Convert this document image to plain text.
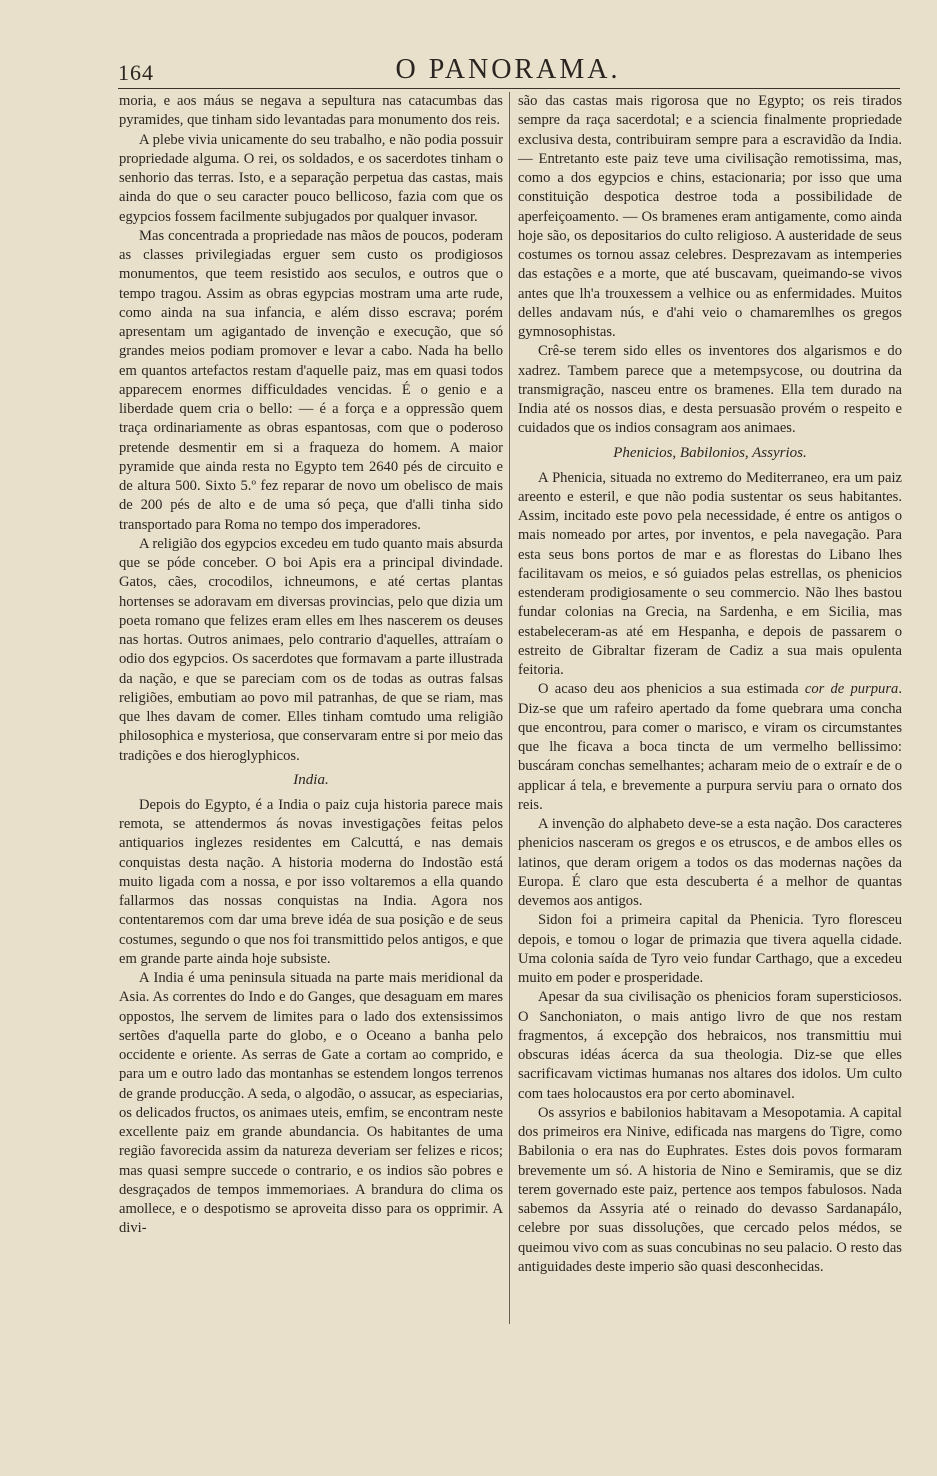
164	O PANORAMA.

moria, e aos máus se negava a sepultura nas catacumbas das pyramides, que tinham sido levantadas para monumento dos reis.

A plebe vivia unicamente do seu trabalho, e não podia possuir propriedade alguma. O rei, os soldados, e os sacerdotes tinham o senhorio das terras. Isto, e a separação perpetua das castas, mais ainda do que o seu caracter pouco bellicoso, fazia com que os egypcios fossem facilmente subjugados por qualquer invasor.

Mas concentrada a propriedade nas mãos de poucos, poderam as classes privilegiadas erguer sem custo os prodigiosos monumentos, que teem resistido aos seculos, e outros que o tempo tragou. Assim as obras egypcias mostram uma arte rude, como ainda na sua infancia, e além disso escrava; porém apresentam um agigantado de invenção e execução, que só grandes meios podiam promover e levar a cabo. Nada ha bello em quantos artefactos restam d'aquelle paiz, mas em quasi todos apparecem enormes difficuldades vencidas. É o genio e a liberdade quem cria o bello: — é a força e a oppressão quem traça ordinariamente as obras espantosas, com que o poderoso pretende desmentir em si a fraqueza do homem. A maior pyramide que ainda resta no Egypto tem 2640 pés de circuito e de altura 500. Sixto 5.º fez reparar de novo um obelisco de mais de 200 pés de alto e de uma só peça, que d'alli tinha sido transportado para Roma no tempo dos imperadores.

A religião dos egypcios excedeu em tudo quanto mais absurda que se póde conceber. O boi Apis era a principal divindade. Gatos, cães, crocodilos, ichneumons, e até certas plantas hortenses se adoravam em diversas provincias, pelo que dizia um poeta romano que felizes eram elles em lhes nascerem os deuses nas hortas. Outros animaes, pelo contrario d'aquelles, attraíam o odio dos egypcios. Os sacerdotes que formavam a parte illustrada da nação, e que se pareciam com os de todas as outras falsas religiões, embutiam ao povo mil patranhas, de que se riam, mas que lhes davam de comer. Elles tinham comtudo uma religião philosophica e mysteriosa, que conservaram entre si por meio das tradições e dos hieroglyphicos.

India.

Depois do Egypto, é a India o paiz cuja historia parece mais remota, se attendermos ás novas investigações feitas pelos antiquarios inglezes residentes em Calcuttá, e nas demais conquistas desta nação. A historia moderna do Indostão está muito ligada com a nossa, e por isso voltaremos a ella quando fallarmos das nossas conquistas na India. Agora nos contentaremos com dar uma breve idéa de sua posição e de seus costumes, segundo o que nos foi transmittido pelos antigos, e que em grande parte ainda hoje subsiste.

A India é uma peninsula situada na parte mais meridional da Asia. As correntes do Indo e do Ganges, que desaguam em mares oppostos, lhe servem de limites para o lado dos extensissimos sertões d'aquella parte do globo, e o Oceano a banha pelo occidente e oriente. As serras de Gate a cortam ao comprido, e para um e outro lado das montanhas se estendem longos terrenos de grande producção. A seda, o algodão, o assucar, as especiarias, os delicados fructos, os animaes uteis, emfim, se encontram neste excellente paiz em grande abundancia. Os habitantes de uma região favorecida assim da natureza deveriam ser felizes e ricos; mas quasi sempre succede o contrario, e os indios são pobres e desgraçados de tempos immemoriaes. A brandura do clima os amollece, e o despotismo se aproveita disso para os opprimir. A divi-

são das castas mais rigorosa que no Egypto; os reis tirados sempre da raça sacerdotal; e a sciencia finalmente propriedade exclusiva desta, contribuiram sempre para a escravidão da India. — Entretanto este paiz teve uma civilisação remotissima, mas, como a dos egypcios e chins, estacionaria; por isso que uma constituição despotica destroe toda a possibilidade de aperfeiçoamento. — Os bramenes eram antigamente, como ainda hoje são, os depositarios do culto religioso. A austeridade de seus costumes os tornou assaz celebres. Desprezavam as intemperies das estações e a morte, que até buscavam, queimando-se vivos antes que lh'a trouxessem a velhice ou as enfermidades. Muitos delles andavam nús, e d'ahi veio o chamaremlhes os gregos gymnosophistas.

Crê-se terem sido elles os inventores dos algarismos e do xadrez. Tambem parece que a metempsycose, ou doutrina da transmigração, nasceu entre os bramenes. Ella tem durado na India até os nossos dias, e desta persuasão provém o respeito e cuidados que os indios consagram aos animaes.

Phenicios, Babilonios, Assyrios.

A Phenicia, situada no extremo do Mediterraneo, era um paiz areento e esteril, e que não podia sustentar os seus habitantes. Assim, incitado este povo pela necessidade, é entre os antigos o mais nomeado por artes, por inventos, e pela navegação. Para esta seus bons portos de mar e as florestas do Libano lhes facilitavam os meios, e só guiados pelas estrellas, os phenicios estenderam prodigiosamente o seu commercio. Não lhes bastou fundar colonias na Grecia, na Sardenha, e em Sicilia, mas estabeleceram-as até em Hespanha, e depois de passarem o estreito de Gibraltar fizeram de Cadiz a sua mais opulenta feitoria.

O acaso deu aos phenicios a sua estimada cor de purpura. Diz-se que um rafeiro apertado da fome quebrara uma concha que encontrou, para comer o marisco, e viram os circumstantes que lhe ficava a boca tincta de um vermelho bellissimo: buscáram conchas semelhantes; acharam meio de o extraír e de o applicar á tela, e brevemente a purpura serviu para o ornato dos reis.

A invenção do alphabeto deve-se a esta nação. Dos caracteres phenicios nasceram os gregos e os etruscos, e de ambos elles os latinos, que deram origem a todos os das modernas nações da Europa. É claro que esta descuberta é a melhor de quantas devemos aos antigos.

Sidon foi a primeira capital da Phenicia. Tyro floresceu depois, e tomou o logar de primazia que tivera aquella cidade. Uma colonia saída de Tyro veio fundar Carthago, que a excedeu muito em poder e prosperidade.

Apesar da sua civilisação os phenicios foram supersticiosos. O Sanchoniaton, o mais antigo livro de que nos restam fragmentos, á excepção dos hebraicos, nos transmittiu mui obscuras idéas ácerca da sua theologia. Diz-se que elles sacrificavam victimas humanas nos altares dos idolos. Um culto com taes holocaustos era por certo abominavel.

Os assyrios e babilonios habitavam a Mesopotamia. A capital dos primeiros era Ninive, edificada nas margens do Tigre, como Babilonia o era nas do Euphrates. Estes dois povos formaram brevemente um só. A historia de Nino e Semiramis, que se diz terem governado este paiz, pertence aos tempos fabulosos. Nada sabemos da Assyria até o reinado do devasso Sardanapálo, celebre por suas dissoluções, que cercado pelos médos, se queimou vivo com as suas concubinas no seu palacio. O resto das antiguidades deste imperio são quasi desconhecidas.
